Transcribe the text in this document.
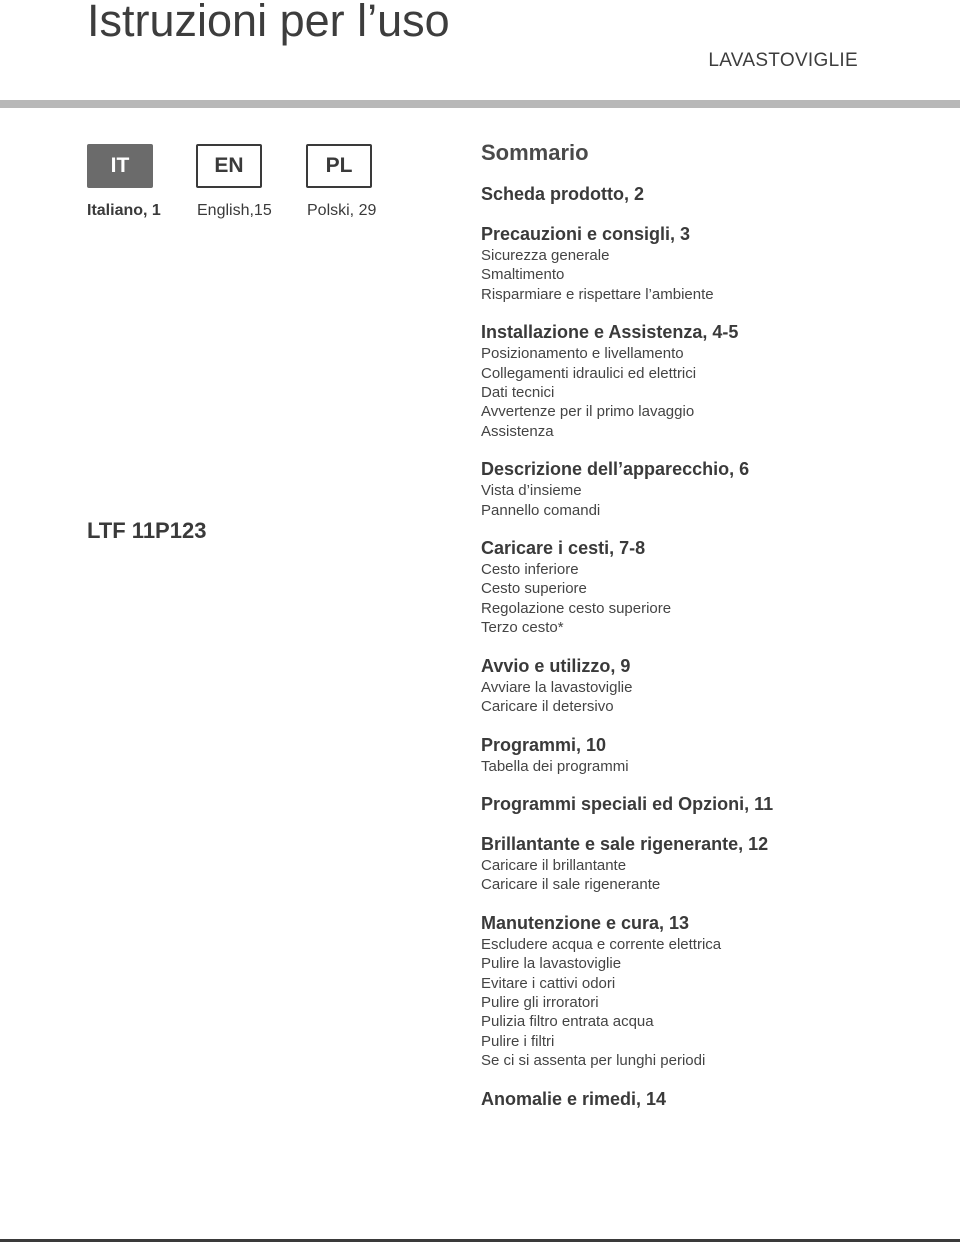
Istruzioni per l’uso
LAVASTOVIGLIE
IT	EN	PL
Italiano, 1 English,15 Polski, 29
LTF 11P123
Sommario
Scheda prodotto, 2
Precauzioni e consigli, 3
Sicurezza generale
Smaltimento
Risparmiare e rispettare l’ambiente
Installazione e Assistenza, 4-5
Posizionamento e livellamento
Collegamenti idraulici ed elettrici
Dati tecnici
Avvertenze per il primo lavaggio
Assistenza
Descrizione dell’apparecchio, 6
Vista d’insieme
Pannello comandi
Caricare i cesti, 7-8
Cesto inferiore
Cesto superiore
Regolazione cesto superiore
Terzo cesto*
Avvio e utilizzo, 9
Avviare la lavastoviglie
Caricare il detersivo
Programmi, 10
Tabella dei programmi
Programmi speciali ed Opzioni, 11
Brillantante e sale rigenerante, 12
Caricare il brillantante
Caricare il sale rigenerante
Manutenzione e cura, 13
Escludere acqua e corrente elettrica
Pulire la lavastoviglie
Evitare i cattivi odori
Pulire gli irroratori
Pulizia filtro entrata acqua
Pulire i filtri
Se ci si assenta per lunghi periodi
Anomalie e rimedi, 14
